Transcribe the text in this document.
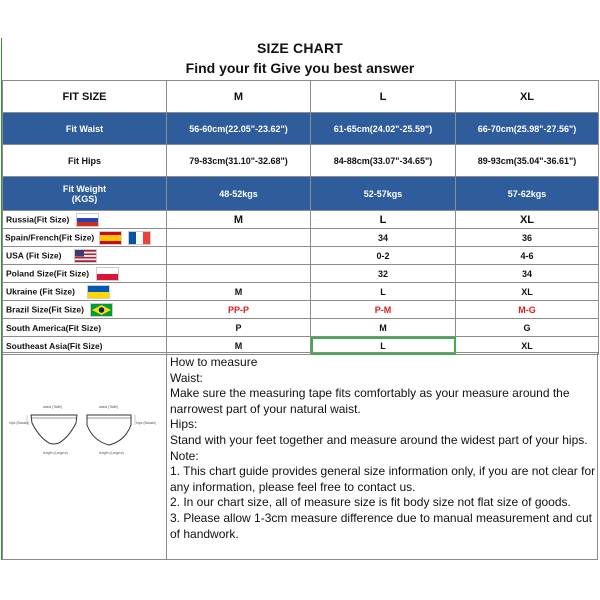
SIZE CHART
Find your fit Give you best answer
FIT SIZE	M	L	XL
Fit Waist	56-60cm(22.05"-23.62")	61-65cm(24.02"-25.59")	66-70cm(25.98"-27.56")
Fit Hips	79-83cm(31.10"-32.68")	84-88cm(33.07"-34.65")	89-93cm(35.04"-36.61")

Fit Weight
(KGS)	48-52kgs	52-57kgs	57-62kgs
Russia(Fit Size)	M	L	XL
Spain/French(Fit Size)		34	36
USA (Fit Size)		0-2	4-6
Poland Size(Fit Size)		32	34
Ukraine (Fit Size)	M	L	XL
Brazil Size(Fit Size)	PP-P	P-M	M-G
South America(Fit Size)	P	M	G
Southeast Asia(Fit Size)	M	L	XL
waist (Taille)
hips (Bassin)
length (Largeur)
waist (Taille)
hips (Bassin)
length (Largeur)
How to measure
Waist:
Make sure the measuring tape fits comfortably as your measure around the narrowest part of your natural waist.
Hips:
Stand with your feet together and measure around the widest part of your hips.
Note:
1. This chart guide provides general size information only, if you are not clear for any information, please feel free to contact us.
2. In our chart size, all of measure size is fit body size not flat size of goods.
3. Please allow 1-3cm measure difference due to manual measurement and cut of handwork.
